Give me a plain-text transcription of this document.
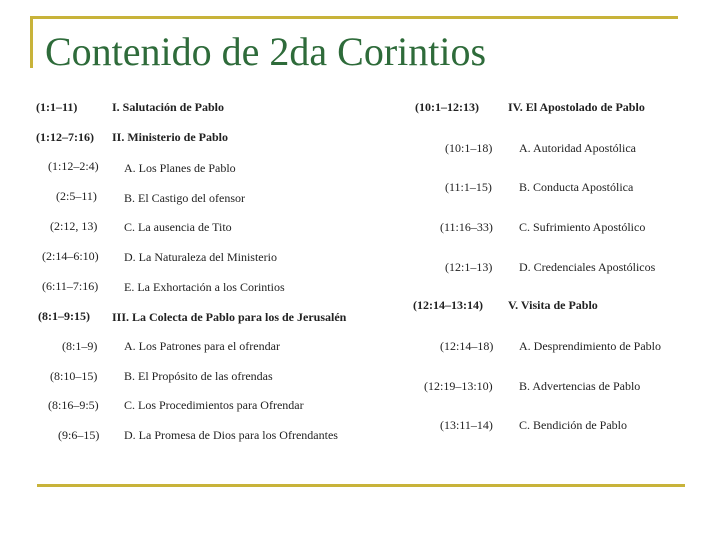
Contenido de 2da Corintios
(1:1–11)	I. Salutación de Pablo
(1:12–7:16) II. Ministerio de Pablo
(1:12–2:4) A. Los Planes de Pablo
(2:5–11) B. El Castigo del ofensor
(2:12, 13) C. La ausencia de Tito
(2:14–6:10) D. La Naturaleza del Ministerio
(6:11–7:16) E. La Exhortación a los Corintios
(8:1–9:15) III. La Colecta de Pablo para los de Jerusalén
(8:1–9) A. Los Patrones para el ofrendar
(8:10–15) B. El Propósito de las ofrendas
(8:16–9:5) C. Los Procedimientos para Ofrendar
(9:6–15) D. La Promesa de Dios para los Ofrendantes
(10:1–12:13) IV. El Apostolado de Pablo
(10:1–18) A. Autoridad Apostólica
(11:1–15) B. Conducta Apostólica
(11:16–33) C. Sufrimiento Apostólico
(12:1–13) D. Credenciales Apostólicos
(12:14–13:14) V. Visita de Pablo
(12:14–18) A. Desprendimiento de Pablo
(12:19–13:10) B. Advertencias de Pablo
(13:11–14) C. Bendición de Pablo
